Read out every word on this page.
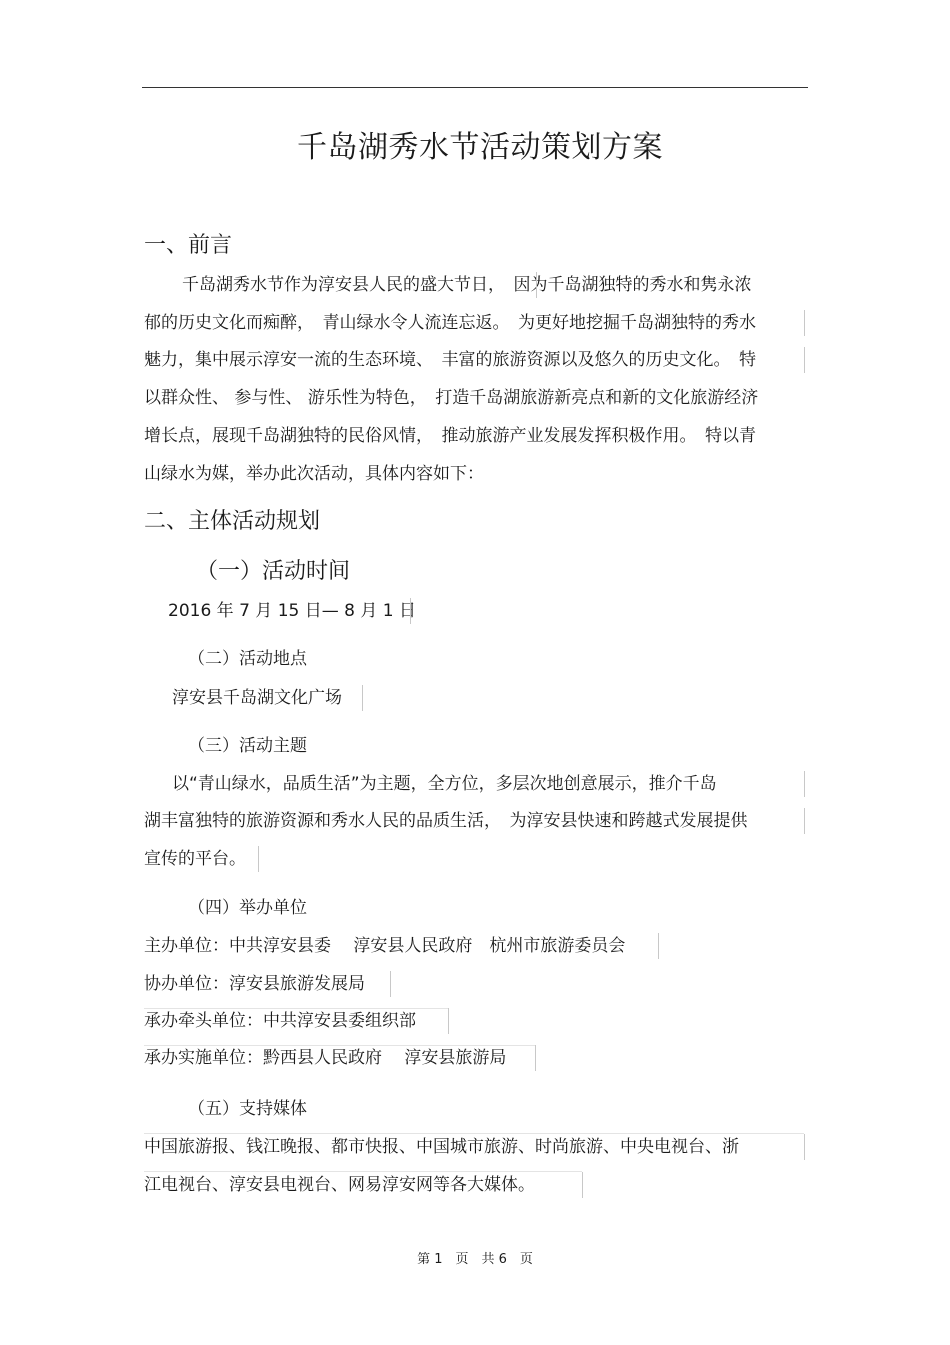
千岛湖秀水节活动策划方案
一、前言
千岛湖秀水节作为淳安县人民的盛大节日，　因为千岛湖独特的秀水和隽永浓
郁的历史文化而痴醉，　青山绿水令人流连忘返。　为更好地挖掘千岛湖独特的秀水
魅力，集中展示淳安一流的生态环境、　丰富的旅游资源以及悠久的历史文化。　特
以群众性、 参与性、 游乐性为特色，　打造千岛湖旅游新亮点和新的文化旅游经济
增长点，展现千岛湖独特的民俗风情，　推动旅游产业发展发挥积极作用。　特以青
山绿水为媒，举办此次活动，具体内容如下：
二、主体活动规划
（一）活动时间
2016 年 7 月 15 日— 8 月 1 日
（二）活动地点
淳安县千岛湖文化广场
（三）活动主题
以“青山绿水，品质生活”为主题，全方位，多层次地创意展示，推介千岛
湖丰富独特的旅游资源和秀水人民的品质生活，　为淳安县快速和跨越式发展提供
宣传的平台。
（四）举办单位
主办单位：中共淳安县委　 淳安县人民政府　杭州市旅游委员会
协办单位：淳安县旅游发展局
承办牵头单位：中共淳安县委组织部
承办实施单位：黔西县人民政府　 淳安县旅游局
（五）支持媒体
中国旅游报、钱江晚报、都市快报、中国城市旅游、时尚旅游、中央电视台、浙
江电视台、淳安县电视台、网易淳安网等各大媒体。
第 1　页　共 6　页
